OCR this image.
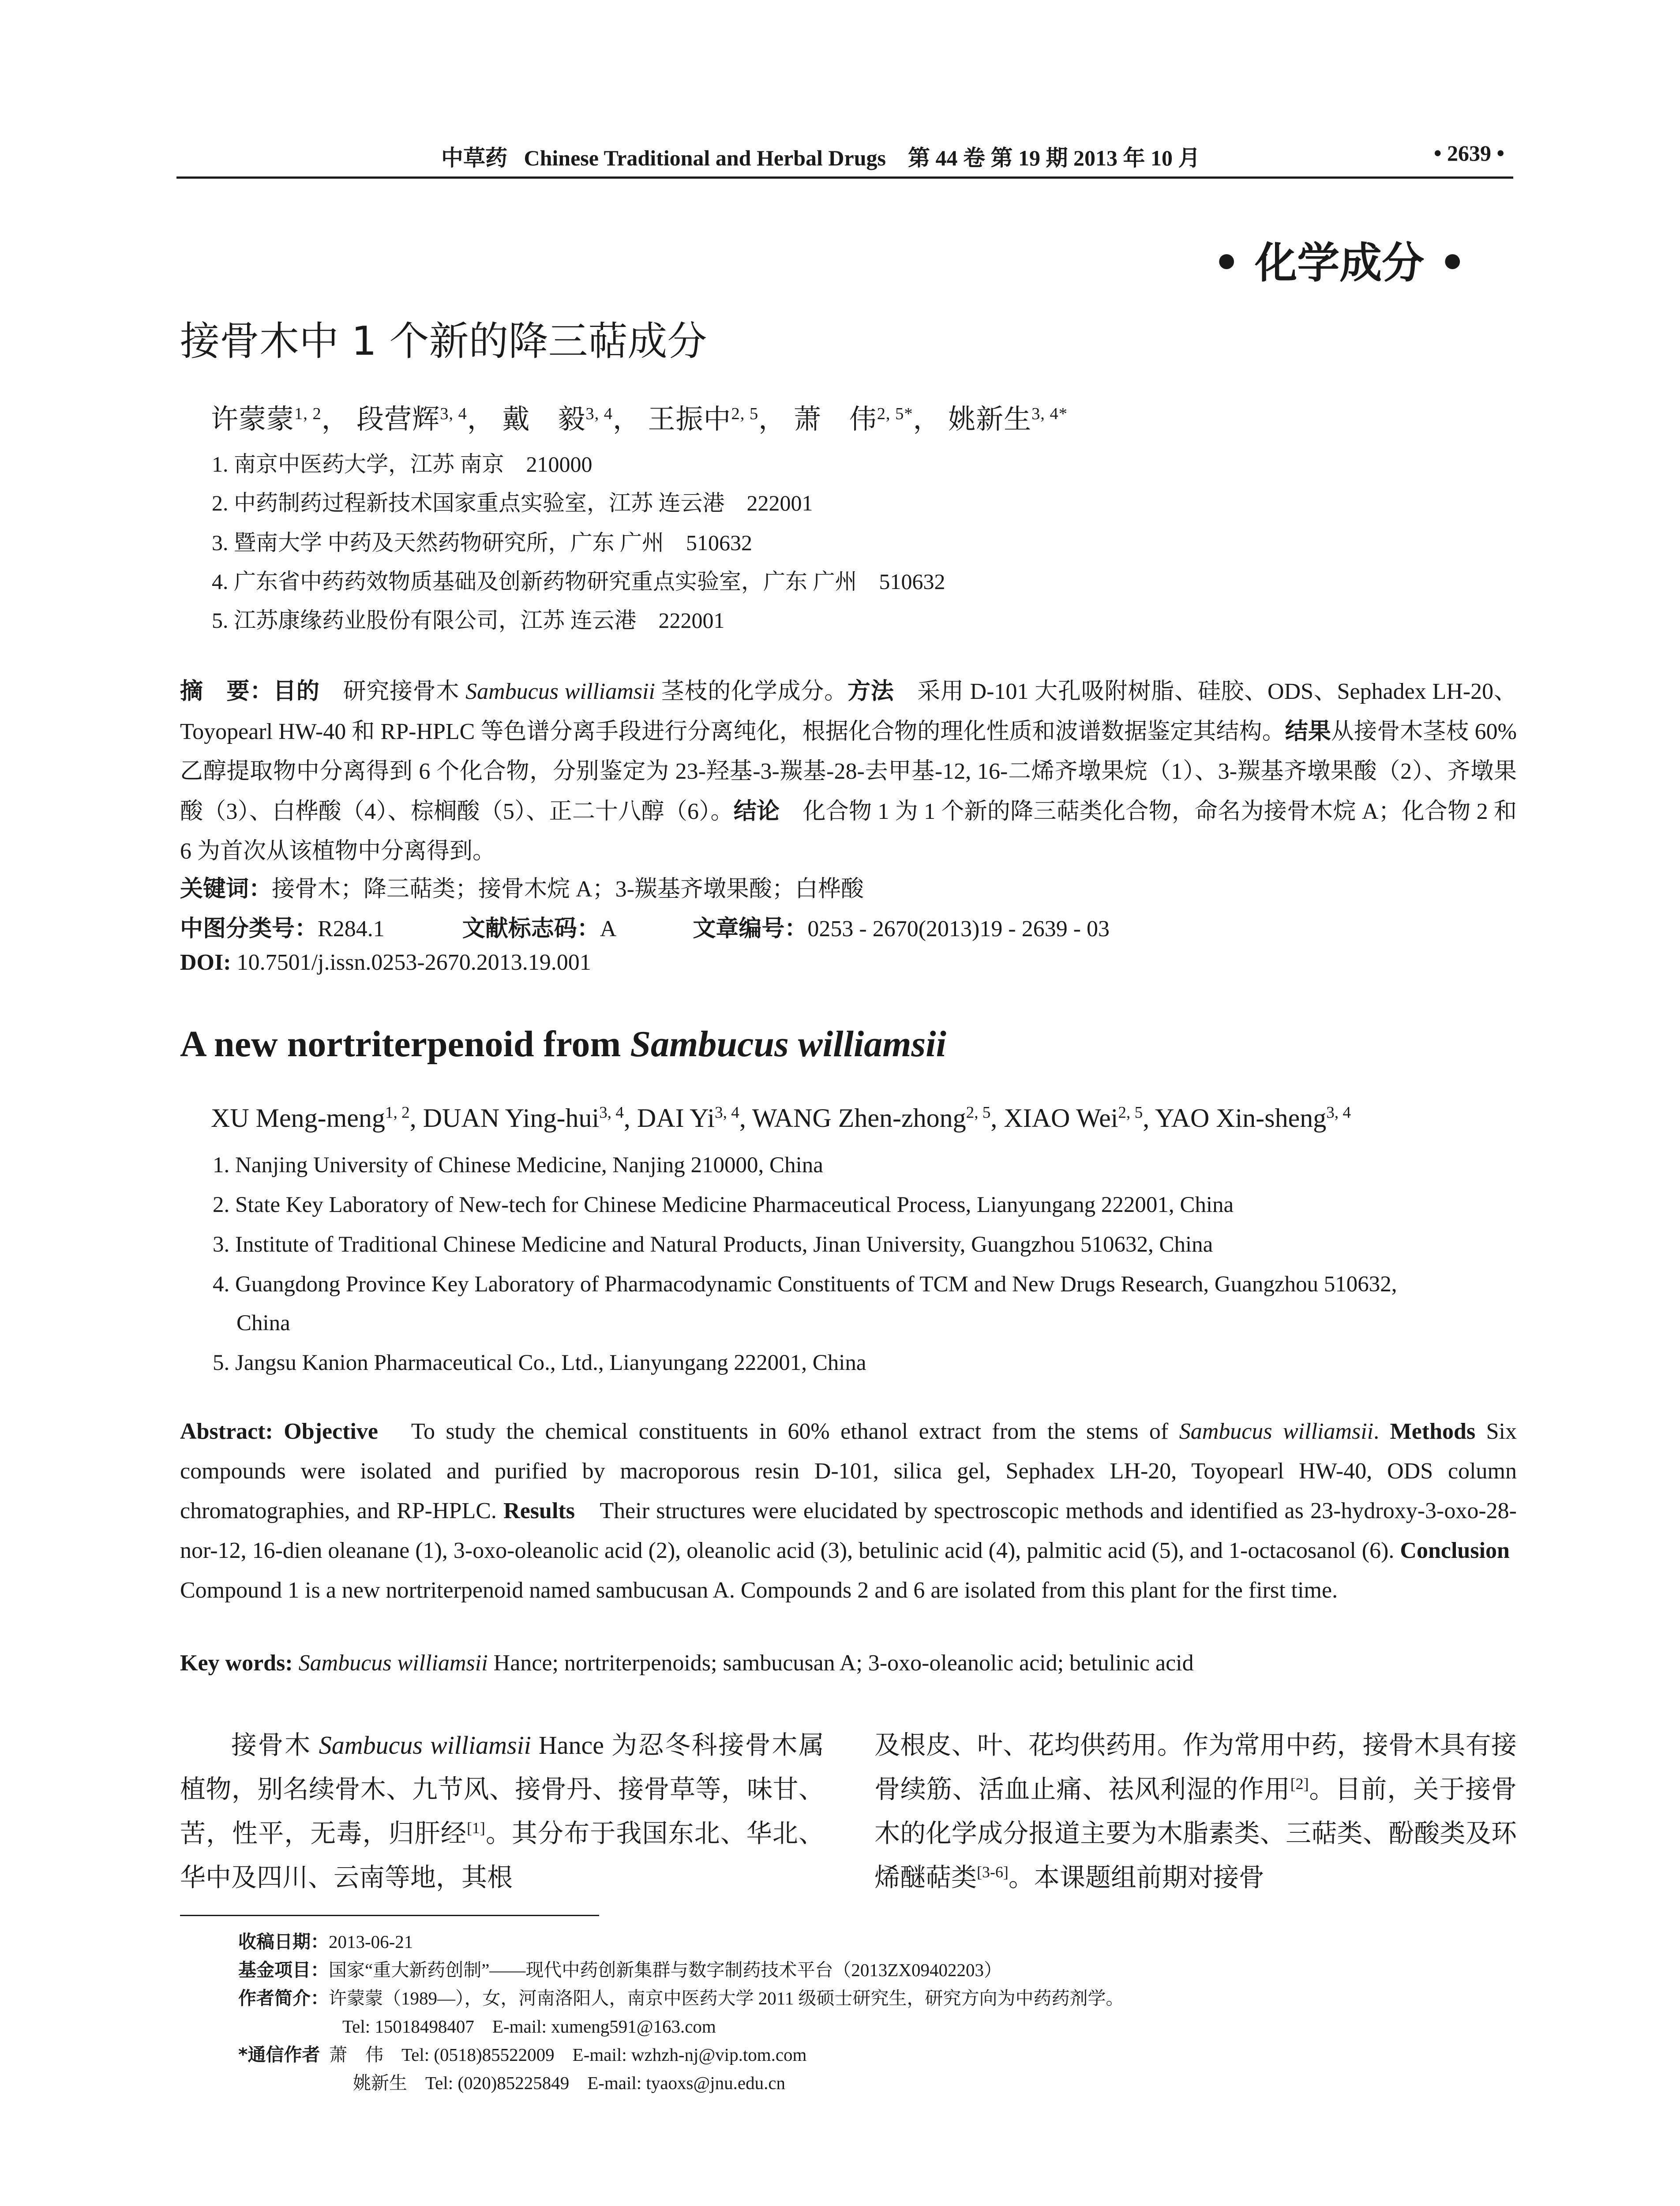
中草药 Chinese Traditional and Herbal Drugs 第 44 卷 第 19 期 2013 年 10 月	• 2639 •
• 化学成分 •
接骨木中 1 个新的降三萜成分
许蒙蒙$^{1, 2}$， 段营辉$^{3, 4}$， 戴　毅$^{3, 4}$， 王振中$^{2, 5}$， 萧　伟$^{2, 5*}$， 姚新生$^{3, 4*}$
1. 南京中医药大学，江苏 南京　210000
2. 中药制药过程新技术国家重点实验室，江苏 连云港　222001
3. 暨南大学 中药及天然药物研究所，广东 广州　510632
4. 广东省中药药效物质基础及创新药物研究重点实验室，广东 广州　510632
5. 江苏康缘药业股份有限公司，江苏 连云港　222001
摘　要：目的　研究接骨木 Sambucus williamsii 茎枝的化学成分。方法　采用 D-101 大孔吸附树脂、硅胶、ODS、Sephadex LH-20、Toyopearl HW-40 和 RP-HPLC 等色谱分离手段进行分离纯化，根据化合物的理化性质和波谱数据鉴定其结构。结果从接骨木茎枝 60%乙醇提取物中分离得到 6 个化合物，分别鉴定为 23-羟基-3-羰基-28-去甲基-12, 16-二烯齐墩果烷（1）、3-羰基齐墩果酸（2）、齐墩果酸（3）、白桦酸（4）、棕榈酸（5）、正二十八醇（6）。结论　化合物 1 为 1 个新的降三萜类化合物，命名为接骨木烷 A；化合物 2 和 6 为首次从该植物中分离得到。
关键词：接骨木；降三萜类；接骨木烷 A；3-羰基齐墩果酸；白桦酸
中图分类号：R284.1	文献标志码：A	文章编号：0253 - 2670(2013)19 - 2639 - 03
DOI: 10.7501/j.issn.0253-2670.2013.19.001
A new nortriterpenoid from Sambucus williamsii
XU Meng-meng$^{1, 2}$, DUAN Ying-hui$^{3, 4}$, DAI Yi$^{3, 4}$, WANG Zhen-zhong$^{2, 5}$, XIAO Wei$^{2, 5}$, YAO Xin-sheng$^{3, 4}$
1. Nanjing University of Chinese Medicine, Nanjing 210000, China
2. State Key Laboratory of New-tech for Chinese Medicine Pharmaceutical Process, Lianyungang 222001, China
3. Institute of Traditional Chinese Medicine and Natural Products, Jinan University, Guangzhou 510632, China
4. Guangdong Province Key Laboratory of Pharmacodynamic Constituents of TCM and New Drugs Research, Guangzhou 510632,
China
5. Jangsu Kanion Pharmaceutical Co., Ltd., Lianyungang 222001, China
Abstract: Objective　To study the chemical constituents in 60% ethanol extract from the stems of Sambucus williamsii. Methods Six compounds were isolated and purified by macroporous resin D-101, silica gel, Sephadex LH-20, Toyopearl HW-40, ODS column chromatographies, and RP-HPLC. Results　Their structures were elucidated by spectroscopic methods and identified as 23-hydroxy-3-oxo-28-nor-12, 16-dien oleanane (1), 3-oxo-oleanolic acid (2), oleanolic acid (3), betulinic acid (4), palmitic acid (5), and 1-octacosanol (6). Conclusion　Compound 1 is a new nortriterpenoid named sambucusan A. Compounds 2 and 6 are isolated from this plant for the first time.
Key words: Sambucus williamsii Hance; nortriterpenoids; sambucusan A; 3-oxo-oleanolic acid; betulinic acid
接骨木 Sambucus williamsii Hance 为忍冬科接骨木属植物，别名续骨木、九节风、接骨丹、接骨草等，味甘、苦，性平，无毒，归肝经[1]。其分布于我国东北、华北、华中及四川、云南等地，其根
及根皮、叶、花均供药用。作为常用中药，接骨木具有接骨续筋、活血止痛、祛风利湿的作用[2]。目前，关于接骨木的化学成分报道主要为木脂素类、三萜类、酚酸类及环烯醚萜类[3-6]。本课题组前期对接骨
收稿日期：2013-06-21
基金项目：国家“重大新药创制”——现代中药创新集群与数字制药技术平台（2013ZX09402203）
作者简介：许蒙蒙（1989—），女，河南洛阳人，南京中医药大学 2011 级硕士研究生，研究方向为中药药剂学。
Tel: 15018498407　E-mail: xumeng591@163.com
*通信作者 萧　伟　Tel: (0518)85522009　E-mail: wzhzh-nj@vip.tom.com
姚新生　Tel: (020)85225849　E-mail: tyaoxs@jnu.edu.cn
